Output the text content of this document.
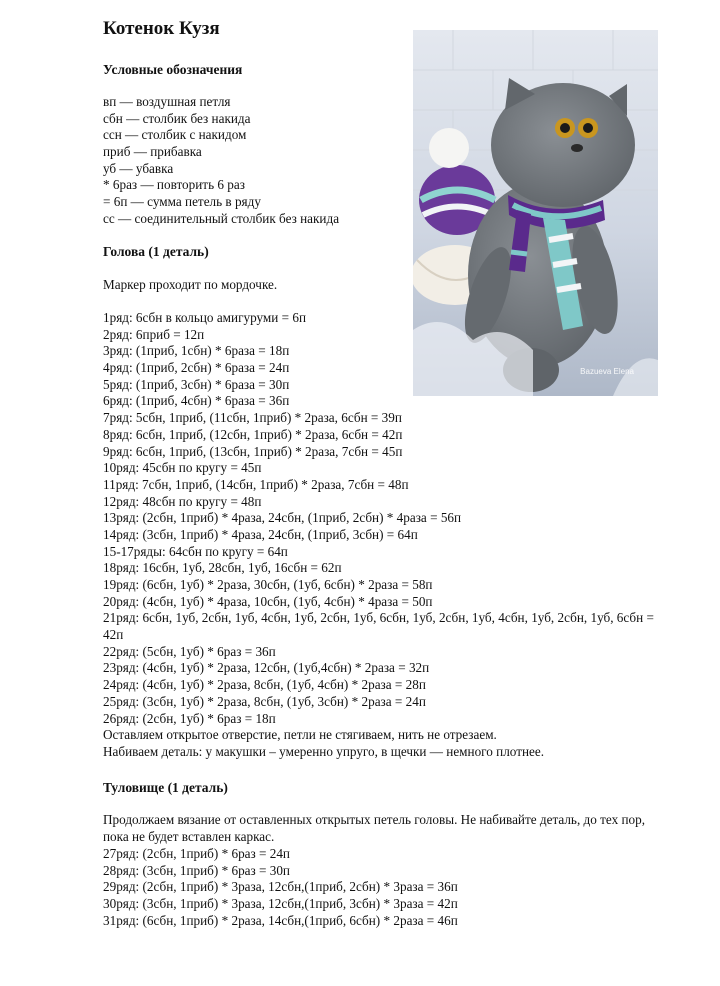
Котенок Кузя
Условные обозначения
вп — воздушная петля
сбн — столбик без накида
ссн — столбик с накидом
приб — прибавка
уб — убавка
* 6раз — повторить 6 раз
= 6п — сумма петель в ряду
сс — соединительный столбик без накида
Голова (1 деталь)

Маркер проходит по мордочке.

1ряд: 6сбн в кольцо амигуруми = 6п
2ряд: 6приб = 12п
3ряд: (1приб, 1сбн) * 6раза = 18п
4ряд: (1приб, 2сбн) * 6раза = 24п
5ряд: (1приб, 3сбн) * 6раза = 30п
6ряд: (1приб, 4сбн) * 6раза = 36п
7ряд: 5сбн, 1приб, (11сбн, 1приб) * 2раза, 6сбн = 39п
8ряд: 6сбн, 1приб, (12сбн, 1приб) * 2раза, 6сбн = 42п
9ряд: 6сбн, 1приб, (13сбн, 1приб) * 2раза, 7сбн = 45п
10ряд: 45сбн по кругу = 45п
11ряд: 7сбн, 1приб, (14сбн, 1приб) * 2раза, 7сбн = 48п
12ряд: 48сбн по кругу = 48п
13ряд: (2сбн, 1приб) * 4раза, 24сбн, (1приб, 2сбн) * 4раза = 56п
14ряд: (3сбн, 1приб) * 4раза, 24сбн, (1приб, 3сбн) = 64п
15-17ряды: 64сбн по кругу = 64п
18ряд: 16сбн, 1уб, 28сбн, 1уб, 16сбн = 62п
19ряд: (6сбн, 1уб) * 2раза, 30сбн, (1уб, 6сбн) * 2раза = 58п
20ряд: (4сбн, 1уб) * 4раза, 10сбн, (1уб, 4сбн) * 4раза = 50п
21ряд: 6сбн, 1уб, 2сбн, 1уб, 4сбн, 1уб, 2сбн, 1уб, 6сбн, 1уб, 2сбн, 1уб, 4сбн, 1уб, 2сбн, 1уб, 6сбн = 42п
22ряд: (5сбн, 1уб) * 6раз = 36п
23ряд: (4сбн, 1уб) * 2раза, 12сбн, (1уб,4сбн) * 2раза = 32п
24ряд: (4сбн, 1уб) * 2раза, 8сбн, (1уб, 4сбн) * 2раза = 28п
25ряд: (3сбн, 1уб) * 2раза, 8сбн, (1уб, 3сбн) * 2раза = 24п
26ряд: (2сбн, 1уб) * 6раз = 18п
Оставляем открытое отверстие, петли не стягиваем, нить не отрезаем.
Набиваем деталь: у макушки – умеренно упруго, в щечки — немного плотнее.
Туловище (1 деталь)

Продолжаем вязание от оставленных открытых петель головы. Не набивайте деталь, до тех пор, пока не будет вставлен каркас.

27ряд: (2сбн, 1приб) * 6раз = 24п
28ряд: (3сбн, 1приб) * 6раз = 30п
29ряд: (2сбн, 1приб) * 3раза, 12сбн,(1приб, 2сбн) * 3раза = 36п
30ряд: (3сбн, 1приб) * 3раза, 12сбн,(1приб, 3сбн) * 3раза = 42п
31ряд: (6сбн, 1приб) * 2раза, 14сбн,(1приб, 6сбн) * 2раза = 46п
Bazueva Elena
